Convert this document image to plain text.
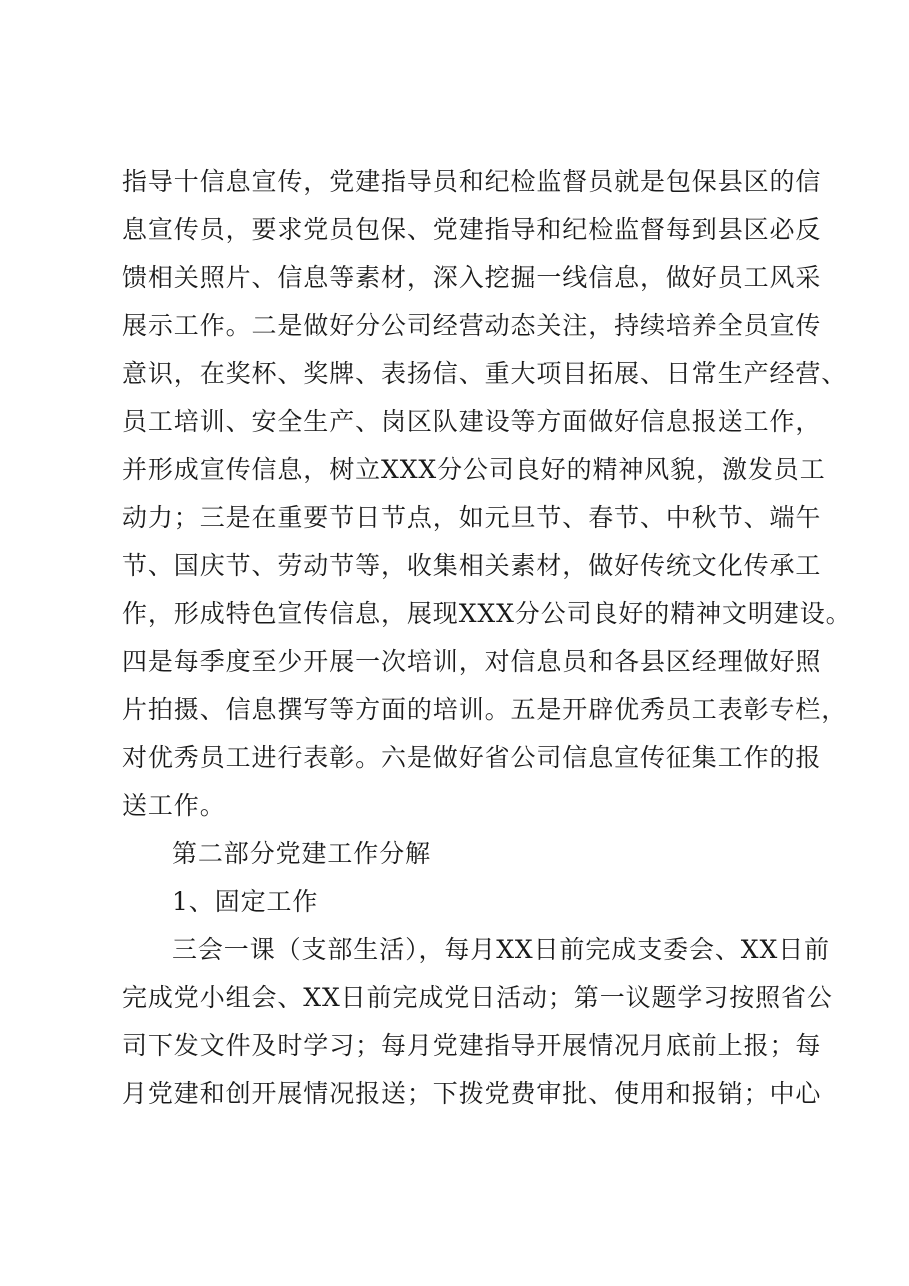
指导十信息宣传，党建指导员和纪检监督员就是包保县区的信
息宣传员，要求党员包保、党建指导和纪检监督每到县区必反
馈相关照片、信息等素材，深入挖掘一线信息，做好员工风采
展示工作。二是做好分公司经营动态关注，持续培养全员宣传
意识，在奖杯、奖牌、表扬信、重大项目拓展、日常生产经营、
员工培训、安全生产、岗区队建设等方面做好信息报送工作，
并形成宣传信息，树立XXX分公司良好的精神风貌，激发员工
动力；三是在重要节日节点，如元旦节、春节、中秋节、端午
节、国庆节、劳动节等，收集相关素材，做好传统文化传承工
作，形成特色宣传信息，展现XXX分公司良好的精神文明建设。
四是每季度至少开展一次培训，对信息员和各县区经理做好照
片拍摄、信息撰写等方面的培训。五是开辟优秀员工表彰专栏，
对优秀员工进行表彰。六是做好省公司信息宣传征集工作的报
送工作。
第二部分党建工作分解
1、固定工作
三会一课（支部生活），每月XX日前完成支委会、XX日前
完成党小组会、XX日前完成党日活动；第一议题学习按照省公
司下发文件及时学习；每月党建指导开展情况月底前上报；每
月党建和创开展情况报送；下拨党费审批、使用和报销；中心
